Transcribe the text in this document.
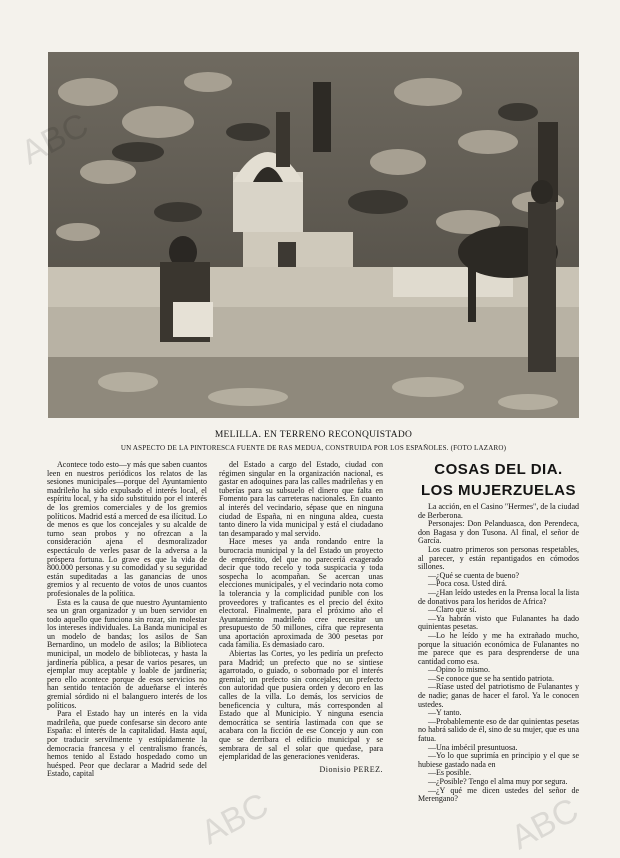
MELILLA. EN TERRENO RECONQUISTADO
UN ASPECTO DE LA PINTORESCA FUENTE DE RAS MEDUA, CONSTRUIDA POR LOS ESPAÑOLES. (FOTO LAZARO)

Acontece todo esto—y más que saben cuantos leen en nuestros periódicos los relatos de las sesiones municipales—porque del Ayuntamiento madrileño ha sido expulsado el interés local, el espíritu local, y ha sido substituido por el interés de los gremios comerciales y de los gremios políticos. Madrid está a merced de esa ilícitud. Lo de menos es que los concejales y su alcalde de turno sean probos y no ofrezcan a la consideración ajena el desmoralizador espectáculo de verles pasar de la adversa a la próspera fortuna. Lo grave es que la vida de 800.000 personas y su comodidad y su seguridad están supeditadas a las ganancias de unos gremios y al recuento de votos de unos cuantos profesionales de la política.

Esta es la causa de que nuestro Ayuntamiento sea un gran organizador y un buen servidor en todo aquello que funciona sin rozar, sin molestar los intereses individuales. La Banda municipal es un modelo de bandas; los asilos de San Bernardino, un modelo de asilos; la Biblioteca municipal, un modelo de bibliotecas, y hasta la jardinería pública, a pesar de varios pesares, un ejemplar muy aceptable y loable de jardinería; pero ello acontece porque de esos servicios no han sentido tentación de adueñarse el interés gremial sórdido ni el balanguero interés de los políticos.

Para el Estado hay un interés en la vida madrileña, que puede confesarse sin decoro ante España: el interés de la capitalidad. Hasta aquí, por traducir servilmente y estúpidamente la democracia francesa y el centralismo francés, hemos tenido al Estado hospedado como un huésped. Peor que declarar a Madrid sede del Estado, capital

del Estado a cargo del Estado, ciudad con régimen singular en la organización nacional, es gastar en adoquines para las calles madrileñas y en tuberías para su subsuelo el dinero que falta en Fomento para las carreteras nacionales. En cuanto al interés del vecindario, sépase que en ninguna ciudad de España, ni en ninguna aldea, cuesta tanto dinero la vida municipal y está el ciudadano tan desamparado y mal servido.

Hace meses ya anda rondando entre la burocracia municipal y la del Estado un proyecto de empréstito, del que no pareceríá exagerado decir que todo recelo y toda suspicacia y toda sospecha lo acompañan. Se acercan unas elecciones municipales, y el vecindario nota como la tolerancia y la complicidad punible con los proveedores y traficantes es el precio del éxito electoral. Finalmente, para el próximo año el Ayuntamiento madrileño cree necesitar un presupuesto de 50 millones, cifra que representa una aportación aproximada de 300 pesetas por cada familia. Es demasiado caro.

Abiertas las Cortes, yo les pediría un prefecto para Madrid; un prefecto que no se sintiese agarrotado, o guiado, o sobornado por el interés gremial; un prefecto sin concejales; un prefecto con autoridad que pusiera orden y decoro en las calles de la villa. Lo demás, los servicios de beneficencia y cultura, más corresponden al Estado que al Municipio. Y ninguna esencia democrática se sentiría lastimada con que se acabara con la ficción de ese Concejo y aun con que se derribara el edificio municipal y se sembrara de sal el solar que quedase, para ejemplaridad de las generaciones venideras.

Dionisio PEREZ.
COSAS DEL DIA.
LOS MUJERZUELAS

La acción, en el Casino "Hermes", de la ciudad de Berberona.

Personajes: Don Pelanduasca, don Perendeca, don Bagasa y don Tusona. Al final, el señor de García.

Los cuatro primeros son personas respetables, al parecer, y están repantigados en cómodos sillones.

—¿Qué se cuenta de bueno?

—Poca cosa. Usted dirá.

—¿Han leído ustedes en la Prensa local la lista de donativos para los heridos de Africa?

—Claro que sí.

—Ya habrán visto que Fulanantes ha dado quinientas pesetas.

—Lo he leído y me ha extrañado mucho, porque la situación económica de Fulanantes no me parece que es para desprenderse de una cantidad como esa.

—Opino lo mismo.

—Se conoce que se ha sentido patriota.

—Ríase usted del patriotismo de Fulanantes y de nadie; ganas de hacer el farol. Ya le conocen ustedes.

—Y tanto.

—Probablemente eso de dar quinientas pesetas no habrá salido de él, sino de su mujer, que es una fatua.

—Una imbécil presuntuosa.

—Yo lo que suprimía en principio y el que se hubiese gastado nada en

—Es posible.

—¿Posible? Tengo el alma muy por segura.

—¿Y qué me dicen ustedes del señor de Merengano?

ABC	ABC
